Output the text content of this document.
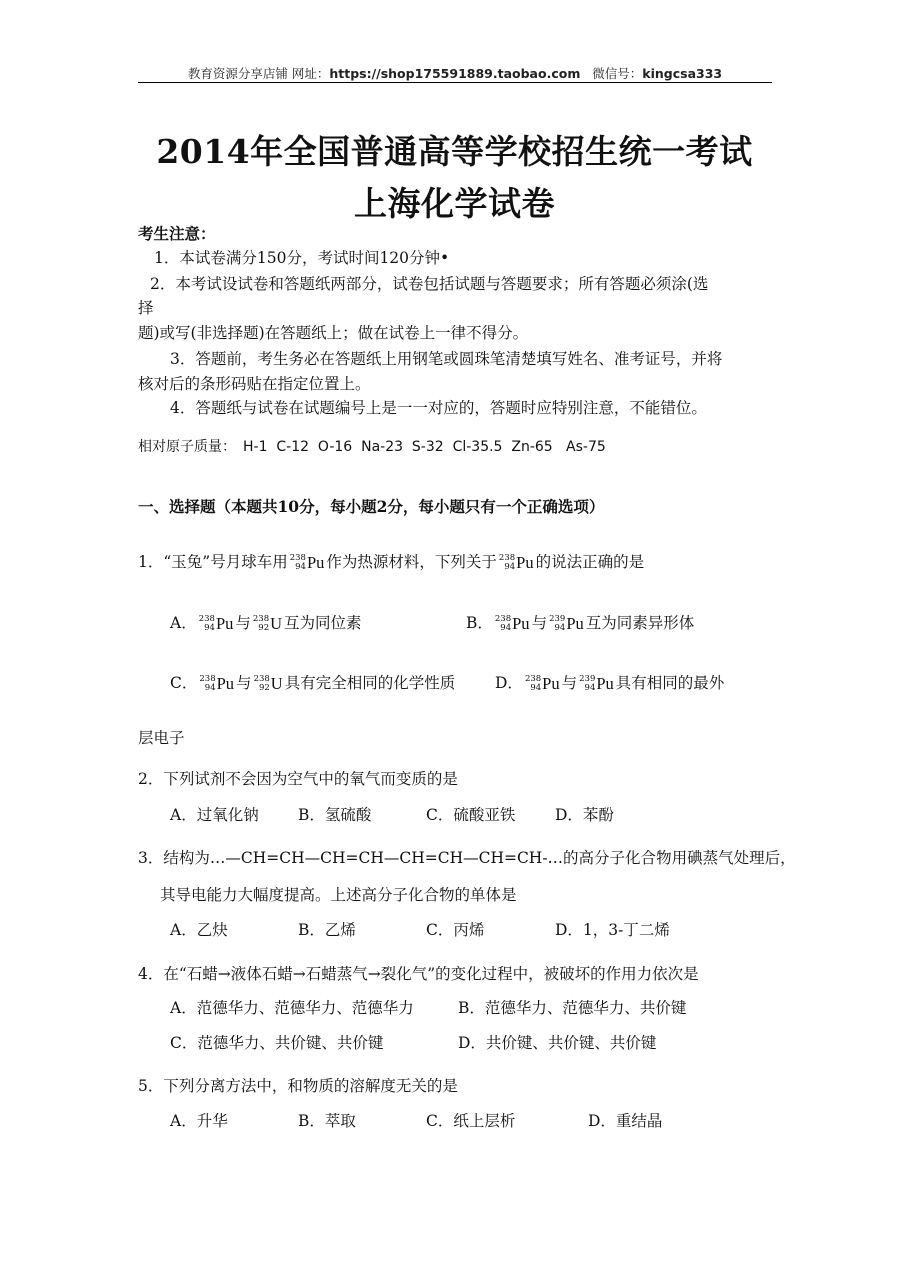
教育资源分享店铺 网址：https://shop175591889.taobao.com 微信号：kingcsa333
2014年全国普通高等学校招生统一考试
上海化学试卷
考生注意：
1．本试卷满分150分，考试时间120分钟•
2．本考试设试卷和答题纸两部分，试卷包括试题与答题要求；所有答题必须涂(选
择
题)或写(非选择题)在答题纸上；做在试卷上一律不得分。
3．答题前，考生务必在答题纸上用钢笔或圆珠笔清楚填写姓名、准考证号，并将
核对后的条形码贴在指定位置上。
4．答题纸与试卷在试题编号上是一一对应的，答题时应特别注意，不能错位。
相对原子质量：　H-1  C-12  O-16  Na-23  S-32  Cl-35.5  Zn-65   As-75
一、选择题（本题共10分，每小题2分，每小题只有一个正确选项）
1．“玉兔”号月球车用 238
94 Pu 作为热源材料，下列关于 238
94 Pu 的说法正确的是
A． 238
94 Pu 与 238
92 U 互为同位素	B． 238
94 Pu 与 239
94 Pu 互为同素异形体
C． 238
94 Pu 与 238
92 U 具有完全相同的化学性质	D． 238
94 Pu 与 239
94 Pu 具有相同的最外
层电子
2．下列试剂不会因为空气中的氧气而变质的是
A．过氧化钠	B．氢硫酸	C．硫酸亚铁	D．苯酚
3．结构为…—CH=CH—CH=CH—CH=CH—CH=CH-…的高分子化合物用碘蒸气处理后，
其导电能力大幅度提高。上述高分子化合物的单体是
A．乙炔	B．乙烯	C．丙烯	D．1，3-丁二烯
4．在“石蜡→液体石蜡→石蜡蒸气→裂化气”的变化过程中，被破坏的作用力依次是
A．范德华力、范德华力、范德华力	B．范德华力、范德华力、共价键
C．范德华力、共价键、共价键	D．共价键、共价键、共价键
5．下列分离方法中，和物质的溶解度无关的是
A．升华	B．萃取	C．纸上层析	D．重结晶
